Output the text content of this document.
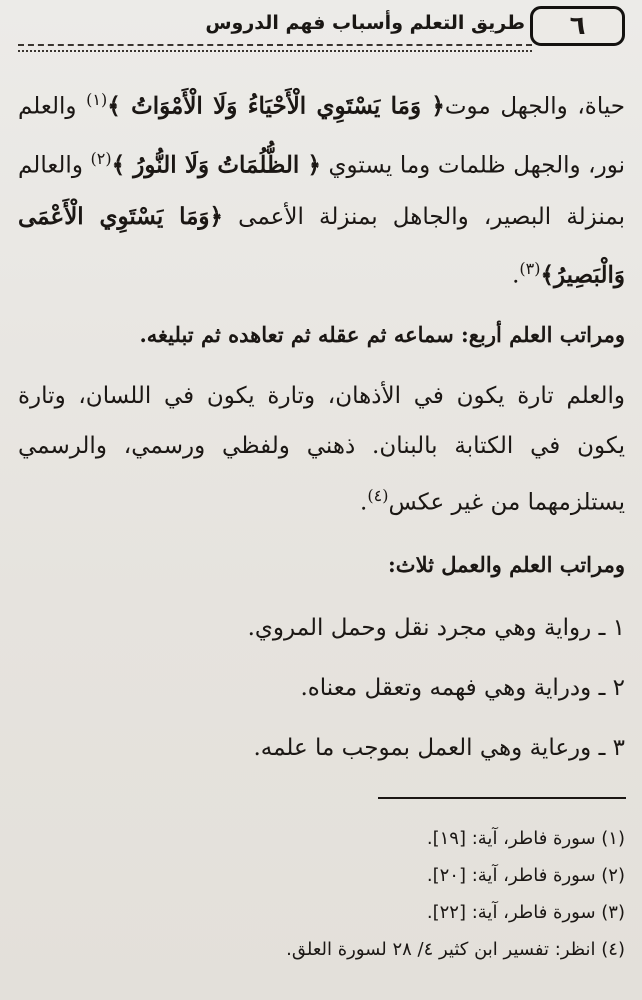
طريق التعلم وأسباب فهم الدروس	٦
حياة، والجهل موت﴿ وَمَا يَسْتَوِي الْأَحْيَاءُ وَلَا الْأَمْوَاتُ ﴾$^{(١)}$ والعلم نور، والجهل ظلمات وما يستوي ﴿ الظُّلُمَاتُ وَلَا النُّورُ ﴾$^{(٢)}$ والعالم بمنزلة البصير، والجاهل بمنزلة الأعمى ﴿وَمَا يَسْتَوِي الْأَعْمَى وَالْبَصِيرُ﴾$^{(٣)}$.
ومراتب العلم أربع: سماعه ثم عقله ثم تعاهده ثم تبليغه.
والعلم تارة يكون في الأذهان، وتارة يكون في اللسان، وتارة يكون في الكتابة بالبنان. ذهني ولفظي ورسمي، والرسمي يستلزمهما من غير عكس$^{(٤)}$.
ومراتب العلم والعمل ثلاث:
١ ـ رواية وهي مجرد نقل وحمل المروي.
٢ ـ ودراية وهي فهمه وتعقل معناه.
٣ ـ ورعاية وهي العمل بموجب ما علمه.
(١) سورة فاطر، آية: [١٩].
(٢) سورة فاطر، آية: [٢٠].
(٣) سورة فاطر، آية: [٢٢].
(٤) انظر: تفسير ابن كثير ٤/ ٢٨ لسورة العلق.
